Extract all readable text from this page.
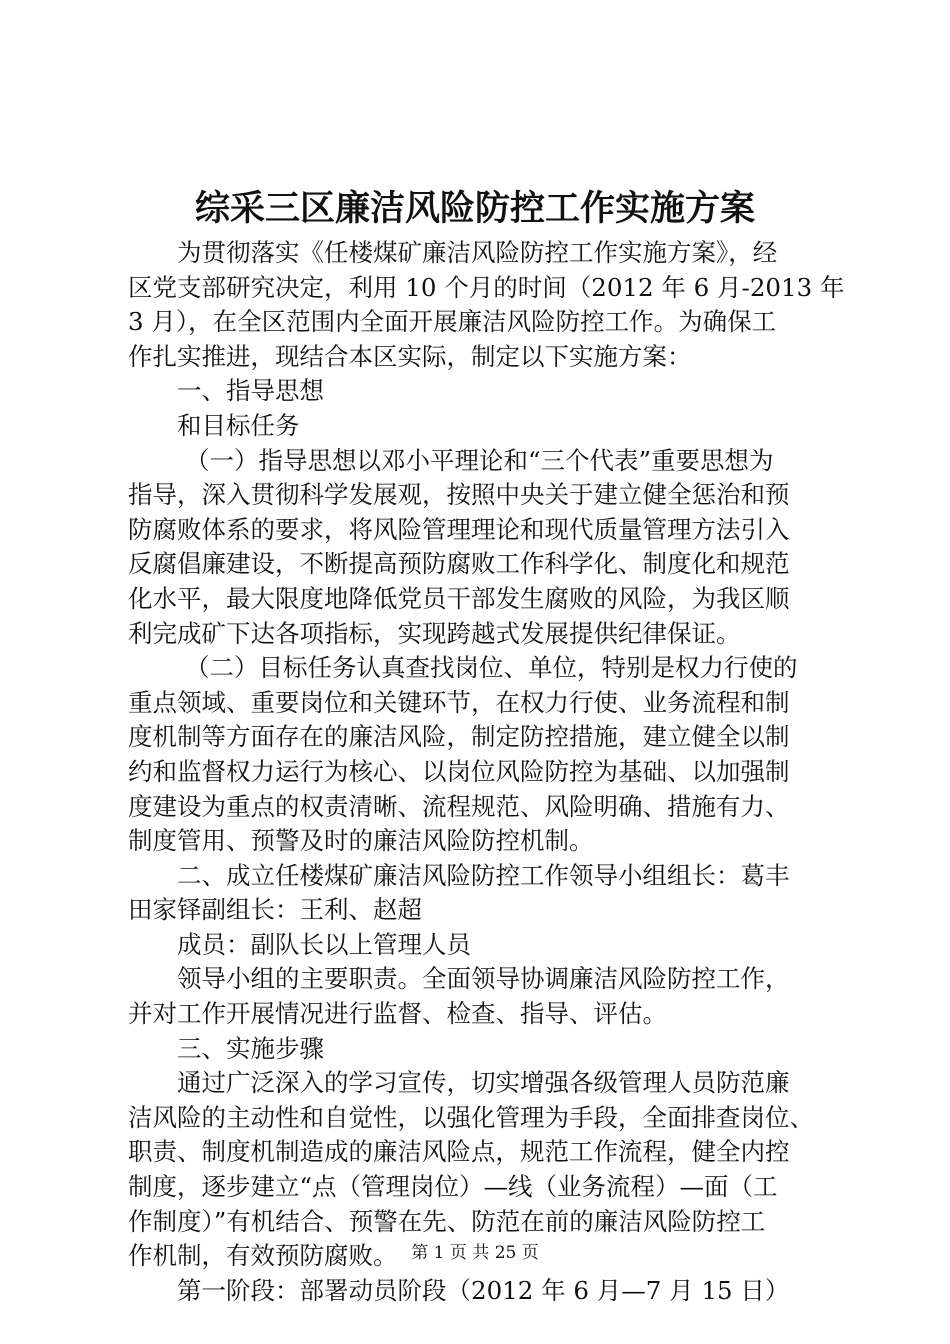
综采三区廉洁风险防控工作实施方案
为贯彻落实《任楼煤矿廉洁风险防控工作实施方案》，经
区党支部研究决定，利用 10 个月的时间（2012 年 6 月-2013 年
3 月），在全区范围内全面开展廉洁风险防控工作。为确保工
作扎实推进，现结合本区实际，制定以下实施方案：
一、指导思想
和目标任务
（一）指导思想以邓小平理论和“三个代表”重要思想为
指导，深入贯彻科学发展观，按照中央关于建立健全惩治和预
防腐败体系的要求，将风险管理理论和现代质量管理方法引入
反腐倡廉建设，不断提高预防腐败工作科学化、制度化和规范
化水平，最大限度地降低党员干部发生腐败的风险，为我区顺
利完成矿下达各项指标，实现跨越式发展提供纪律保证。
（二）目标任务认真查找岗位、单位，特别是权力行使的
重点领域、重要岗位和关键环节，在权力行使、业务流程和制
度机制等方面存在的廉洁风险，制定防控措施，建立健全以制
约和监督权力运行为核心、以岗位风险防控为基础、以加强制
度建设为重点的权责清晰、流程规范、风险明确、措施有力、
制度管用、预警及时的廉洁风险防控机制。
二、成立任楼煤矿廉洁风险防控工作领导小组组长：葛丰
田家铎副组长：王利、赵超
成员：副队长以上管理人员
领导小组的主要职责。全面领导协调廉洁风险防控工作，
并对工作开展情况进行监督、检查、指导、评估。
三、实施步骤
通过广泛深入的学习宣传，切实增强各级管理人员防范廉
洁风险的主动性和自觉性，以强化管理为手段，全面排查岗位、
职责、制度机制造成的廉洁风险点，规范工作流程，健全内控
制度，逐步建立“点（管理岗位）—线（业务流程）—面（工
作制度）”有机结合、预警在先、防范在前的廉洁风险防控工
作机制，有效预防腐败。
第一阶段：部署动员阶段（2012 年 6 月—7 月 15 日）
第 1 页 共 25 页
